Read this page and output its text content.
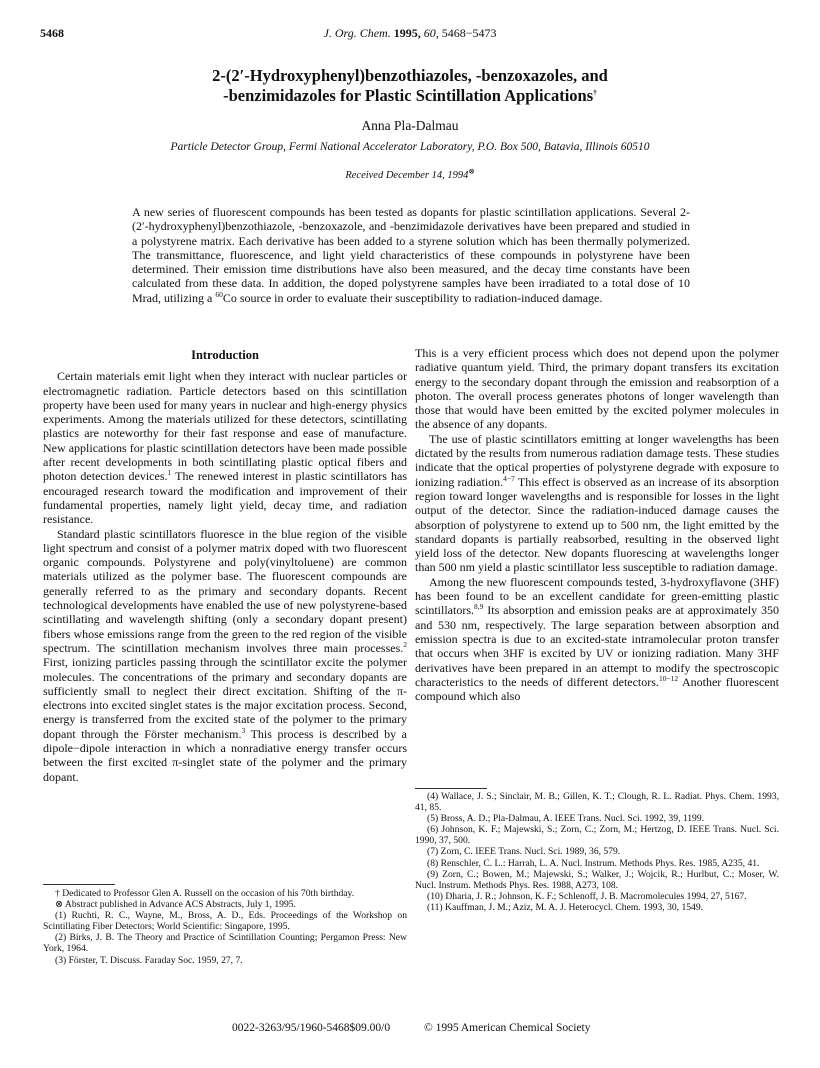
5468	J. Org. Chem. 1995, 60, 5468−5473
2-(2′-Hydroxyphenyl)benzothiazoles, -benzoxazoles, and
-benzimidazoles for Plastic Scintillation Applications†
Anna Pla-Dalmau
Particle Detector Group, Fermi National Accelerator Laboratory, P.O. Box 500, Batavia, Illinois 60510
Received December 14, 1994⊗
A new series of fluorescent compounds has been tested as dopants for plastic scintillation applications. Several 2-(2′-hydroxyphenyl)benzothiazole, -benzoxazole, and -benzimidazole derivatives have been prepared and studied in a polystyrene matrix. Each derivative has been added to a styrene solution which has been thermally polymerized. The transmittance, fluorescence, and light yield characteristics of these compounds in polystyrene have been determined. Their emission time distributions have also been measured, and the decay time constants have been calculated from these data. In addition, the doped polystyrene samples have been irradiated to a total dose of 10 Mrad, utilizing a $^{60}$Co source in order to evaluate their susceptibility to radiation-induced damage.
Introduction

Certain materials emit light when they interact with nuclear particles or electromagnetic radiation. Particle detectors based on this scintillation property have been used for many years in nuclear and high-energy physics experiments. Among the materials utilized for these detectors, scintillating plastics are noteworthy for their fast response and ease of manufacture. New applications for plastic scintillation detectors have been made possible after recent developments in both scintillating plastic optical fibers and photon detection devices.$^1$ The renewed interest in plastic scintillators has encouraged research toward the modification and improvement of their fundamental properties, namely light yield, decay time, and radiation resistance.

Standard plastic scintillators fluoresce in the blue region of the visible light spectrum and consist of a polymer matrix doped with two fluorescent organic compounds. Polystyrene and poly(vinyltoluene) are common materials utilized as the polymer base. The fluorescent compounds are generally referred to as the primary and secondary dopants. Recent technological developments have enabled the use of new polystyrene-based scintillating and wavelength shifting (only a secondary dopant present) fibers whose emissions range from the green to the red region of the visible spectrum. The scintillation mechanism involves three main processes.$^2$ First, ionizing particles passing through the scintillator excite the polymer molecules. The concentrations of the primary and secondary dopants are sufficiently small to neglect their direct excitation. Shifting of the π-electrons into excited singlet states is the major excitation process. Second, energy is transferred from the excited state of the polymer to the primary dopant through the Förster mechanism.$^3$ This process is described by a dipole−dipole interaction in which a nonradiative energy transfer occurs between the first excited π-singlet state of the polymer and the primary dopant.

This is a very efficient process which does not depend upon the polymer radiative quantum yield. Third, the primary dopant transfers its excitation energy to the secondary dopant through the emission and reabsorption of a photon. The overall process generates photons of longer wavelength than those that would have been emitted by the excited polymer molecules in the absence of any dopants.

The use of plastic scintillators emitting at longer wavelengths has been dictated by the results from numerous radiation damage tests. These studies indicate that the optical properties of polystyrene degrade with exposure to ionizing radiation.$^{4-7}$ This effect is observed as an increase of its absorption region toward longer wavelengths and is responsible for losses in the light output of the detector. Since the radiation-induced damage causes the absorption of polystyrene to extend up to 500 nm, the light emitted by the standard dopants is partially reabsorbed, resulting in the observed light yield loss of the detector. New dopants fluorescing at wavelengths longer than 500 nm yield a plastic scintillator less susceptible to radiation damage.

Among the new fluorescent compounds tested, 3-hydroxyflavone (3HF) has been found to be an excellent candidate for green-emitting plastic scintillators.$^{8,9}$ Its absorption and emission peaks are at approximately 350 and 530 nm, respectively. The large separation between absorption and emission spectra is due to an excited-state intramolecular proton transfer that occurs when 3HF is excited by UV or ionizing radiation. Many 3HF derivatives have been prepared in an attempt to modify the spectroscopic characteristics to the needs of different detectors.$^{10-12}$ Another fluorescent compound which also

† Dedicated to Professor Glen A. Russell on the occasion of his 70th birthday.

⊗ Abstract published in Advance ACS Abstracts, July 1, 1995.

(1) Ruchti, R. C., Wayne, M., Bross, A. D., Eds. Proceedings of the Workshop on Scintillating Fiber Detectors; World Scientific: Singapore, 1995.

(2) Birks, J. B. The Theory and Practice of Scintillation Counting; Pergamon Press: New York, 1964.

(3) Förster, T. Discuss. Faraday Soc. 1959, 27, 7.

(4) Wallace, J. S.; Sinclair, M. B.; Gillen, K. T.; Clough, R. L. Radiat. Phys. Chem. 1993, 41, 85.

(5) Bross, A. D.; Pla-Dalmau, A. IEEE Trans. Nucl. Sci. 1992, 39, 1199.

(6) Johnson, K. F.; Majewski, S.; Zorn, C.; Zorn, M.; Hertzog, D. IEEE Trans. Nucl. Sci. 1990, 37, 500.

(7) Zorn, C. IEEE Trans. Nucl. Sci. 1989, 36, 579.

(8) Renschler, C. L.: Harrah, L. A. Nucl. Instrum. Methods Phys. Res. 1985, A235, 41.

(9) Zorn, C.; Bowen, M.; Majewski, S.; Walker, J.; Wojcik, R.; Hurlbut, C.; Moser, W. Nucl. Instrum. Methods Phys. Res. 1988, A273, 108.

(10) Dharia, J. R.; Johnson, K. F.; Schlenoff, J. B. Macromolecules 1994, 27, 5167.

(11) Kauffman, J. M.; Aziz, M. A. J. Heterocycl. Chem. 1993, 30, 1549.

0022-3263/95/1960-5468$09.00/0	© 1995 American Chemical Society
